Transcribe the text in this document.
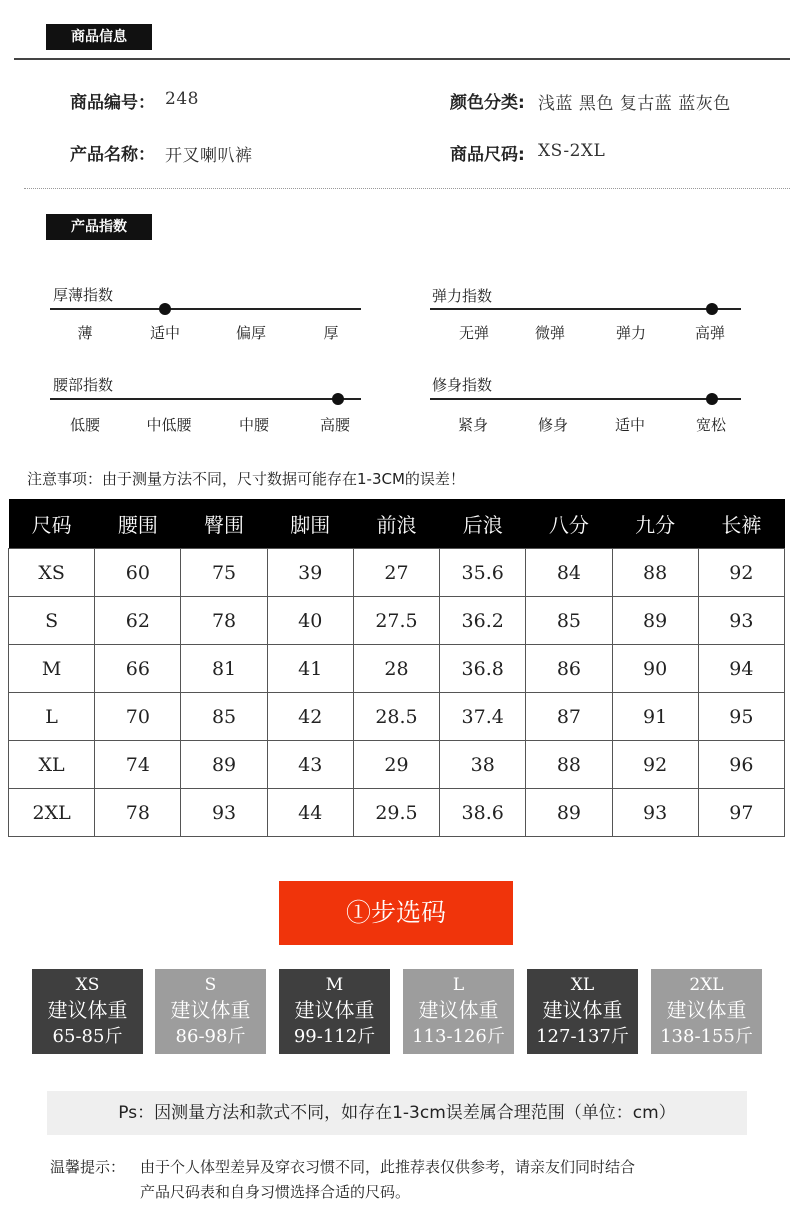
商品信息
商品编号： 248	颜色分类: 浅蓝 黑色 复古蓝 蓝灰色
产品名称： 开叉喇叭裤	商品尺码: XS-2XL
产品指数
厚薄指数
薄	适中	偏厚	厚
弹力指数
无弹	微弹	弹力	高弹
腰部指数
低腰	中低腰	中腰	高腰
修身指数
紧身	修身	适中	宽松
注意事项：由于测量方法不同，尺寸数据可能存在1-3CM的误差！
尺码	腰围	臀围	脚围	前浪	后浪	八分	九分	长裤
XS	60	75	39	27	35.6	84	88	92
S	62	78	40	27.5	36.2	85	89	93
M	66	81	41	28	36.8	86	90	94
L	70	85	42	28.5	37.4	87	91	95
XL	74	89	43	29	38	88	92	96
2XL	78	93	44	29.5	38.6	89	93	97
①步选码
XS
建议体重
65-85斤
S
建议体重
86-98斤
M
建议体重
99-112斤
L
建议体重
113-126斤
XL
建议体重
127-137斤
2XL
建议体重
138-155斤
Ps：因测量方法和款式不同，如存在1-3cm误差属合理范围（单位：cm）
温馨提示： 由于个人体型差异及穿衣习惯不同，此推荐表仅供参考，请亲友们同时结合
产品尺码表和自身习惯选择合适的尺码。
